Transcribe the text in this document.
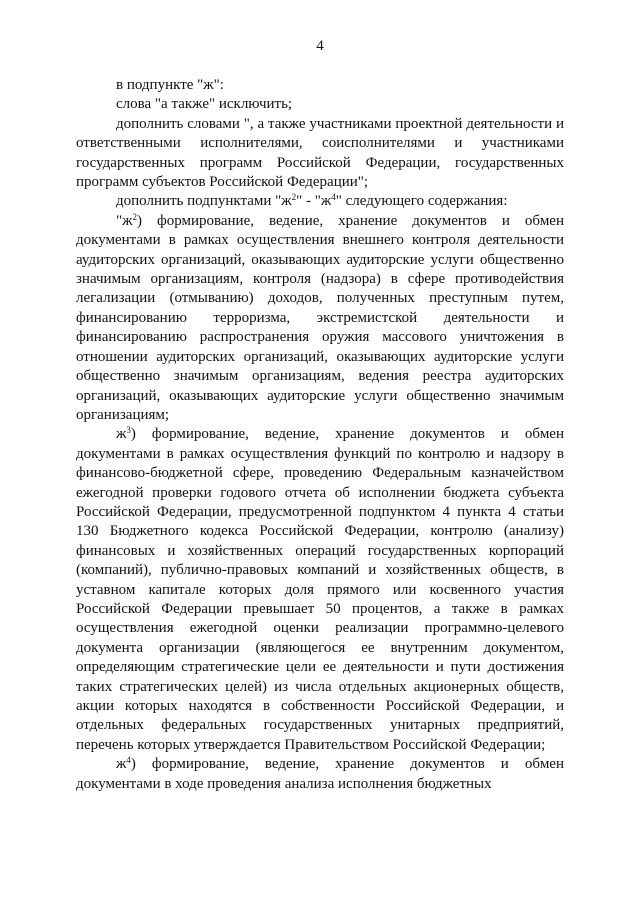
4

в подпункте "ж":

слова "а также" исключить;

дополнить словами ", а также участниками проектной деятельности и ответственными исполнителями, соисполнителями и участниками государственных программ Российской Федерации, государственных программ субъектов Российской Федерации";

дополнить подпунктами "$ж^2$" - "$ж^4$" следующего содержания:

"$ж^2$) формирование, ведение, хранение документов и обмен документами в рамках осуществления внешнего контроля деятельности аудиторских организаций, оказывающих аудиторские услуги общественно значимым организациям, контроля (надзора) в сфере противодействия легализации (отмыванию) доходов, полученных преступным путем, финансированию терроризма, экстремистской деятельности и финансированию распространения оружия массового уничтожения в отношении аудиторских организаций, оказывающих аудиторские услуги общественно значимым организациям, ведения реестра аудиторских организаций, оказывающих аудиторские услуги общественно значимым организациям;

$ж^3$) формирование, ведение, хранение документов и обмен документами в рамках осуществления функций по контролю и надзору в финансово-бюджетной сфере, проведению Федеральным казначейством ежегодной проверки годового отчета об исполнении бюджета субъекта Российской Федерации, предусмотренной подпунктом 4 пункта 4 статьи 130 Бюджетного кодекса Российской Федерации, контролю (анализу) финансовых и хозяйственных операций государственных корпораций (компаний), публично-правовых компаний и хозяйственных обществ, в уставном капитале которых доля прямого или косвенного участия Российской Федерации превышает 50 процентов, а также в рамках осуществления ежегодной оценки реализации программно-целевого документа организации (являющегося ее внутренним документом, определяющим стратегические цели ее деятельности и пути достижения таких стратегических целей) из числа отдельных акционерных обществ, акции которых находятся в собственности Российской Федерации, и отдельных федеральных государственных унитарных предприятий, перечень которых утверждается Правительством Российской Федерации;

$ж^4$) формирование, ведение, хранение документов и обмен документами в ходе проведения анализа исполнения бюджетных
